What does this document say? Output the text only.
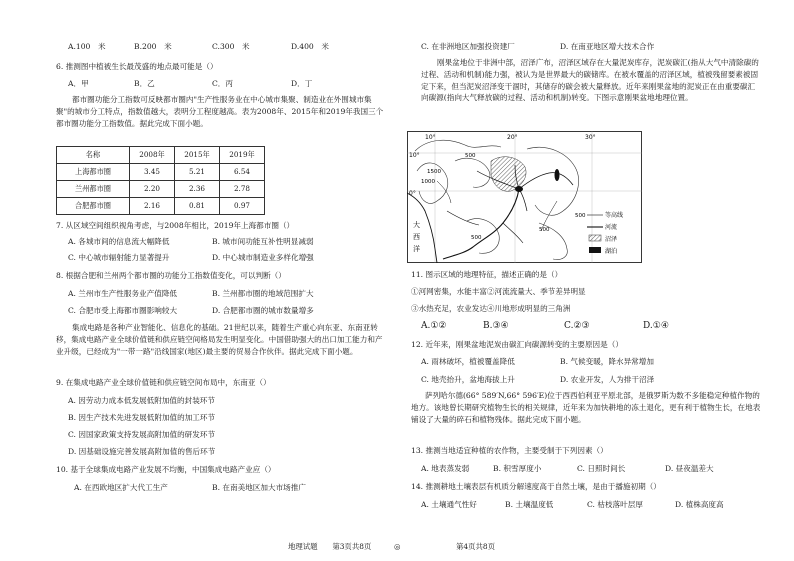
A.100　米	B.200　米	C.300　米	D.400　米
6. 推测图中植被生长最茂盛的地点最可能是（）
A．甲	B．乙	C．丙	D．丁
都市圈功能分工指数可反映都市圈内"生产性服务业在中心城市集聚、制造业在外围城市集聚"的城市分工特点，指数值越大，表明分工程度越高。表为2008年、2015年和2019年我国三个都市圈功能分工指数值。据此完成下面小题。
名称	2008年	2015年	2019年
上海都市圈	3.45	5.21	6.54
兰州都市圈	2.20	2.36	2.78
合肥都市圈	2.16	0.81	0.97
7. 从区域空间组织视角考虑，与2008年相比，2019年上海都市圈（）
A. 各城市间的信息流大幅降低	B. 城市间功能互补性明显减弱
C. 中心城市辐射能力显著提升	D. 中心城市制造业多样化增强
8. 根据合肥和兰州两个都市圈的功能分工指数值变化，可以判断（）
A. 兰州市生产性服务业产值降低	B. 兰州都市圈的地域范围扩大
C. 合肥市受上海都市圈影响较大	D. 合肥都市圈的城市数量增多
集成电路是各种产业智能化、信息化的基础。21世纪以来，随着生产重心向东亚、东南亚转移，集成电路产业全球价值链和供应链空间格局发生明显变化。中国借助强大的出口加工能力和产业升级，已经成为"一带一路"沿线国家(地区)最主要的贸易合作伙伴。据此完成下面小题。
9. 在集成电路产业全球价值链和供应链空间布局中，东南亚（）
A. 因劳动力成本低发展低附加值的封装环节
B. 因生产技术先进发展低附加值的加工环节
C. 因国家政策支持发展高附加值的研发环节
D. 因基础设施完善发展高附加值的售后环节
10. 基于全球集成电路产业发展不均衡，中国集成电路产业应（）
A. 在西欧地区扩大代工生产	B. 在南美地区加大市场推广
地理试题　　第3页共8页	◎	第4页共8页
C. 在非洲地区加强投资建厂	D. 在南亚地区增大技术合作
刚果盆地位于非洲中部，沼泽广布，沼泽区域存在大量泥炭库存，泥炭碳汇(指从大气中清除碳的过程、活动和机制)能力强，被认为是世界最大的碳储库。在被水覆盖的沼泽区域，植被残留要素被固定下来，但当泥炭沼泽变干涸时，其储存的碳会被大量释放。近年来刚果盆地的泥炭正在由重要碳汇向碳源(指向大气释放碳的过程、活动和机制)转变。下图示意刚果盆地地理位置。
10°	20°	30°
10°
0°
500
1000
1500
500
500
大
西
洋
500	等高线
河流
沼泽
湖泊
11. 图示区域的地理特征，描述正确的是（）
①河网密集，水能丰富②河流流量大、季节差异明显
③水热充足，农业发达④川地形成明显的三角洲
A.①②	B.③④	C.②③	D.①④
12. 近年来，刚果盆地泥炭由碳汇向碳源转变的主要原因是（）
A. 雨林破坏，植被覆盖降低	B. 气候变暖，降水异常增加
C. 地壳抬升，盆地海拔上升	D. 农业开发，人为排干沼泽
萨列哈尔德(66° 589′N,66° 596′E)位于西西伯利亚平原北部，是俄罗斯为数不多能稳定种植作物的地方。该地曾长期研究植物生长的相关规律，近年来为加快耕地的冻土退化，更有利于植物生长，在地表铺设了大量的碎石和植物残体。据此完成下面小题。
13. 推测当地适宜种植的农作物，主要受制于下列因素（）
A. 地表蒸发弱	B. 积雪厚度小	C. 日照时间长	D. 昼夜温差大
14. 推测耕地土壤表层有机质分解速度高于自然土壤，是由于播施初期（）
A. 土壤通气性好	B. 土壤温度低	C. 枯枝落叶层厚	D. 植株高度高
